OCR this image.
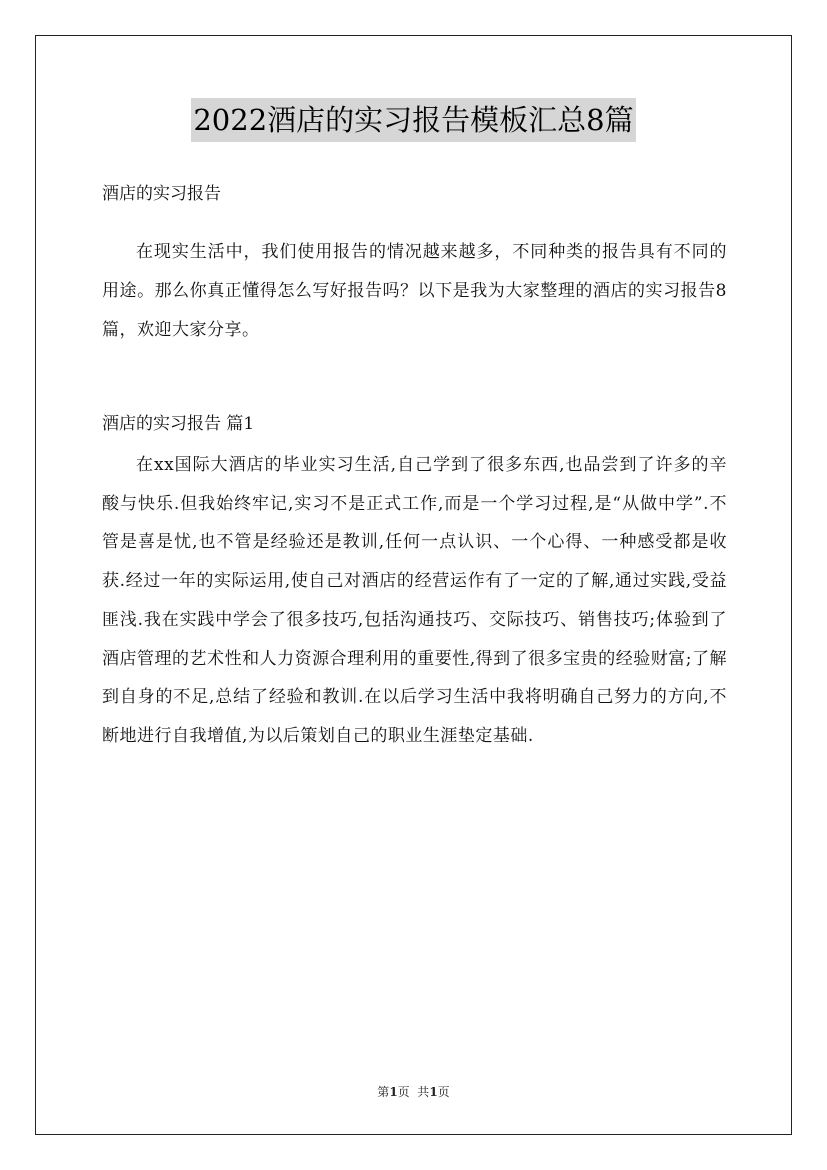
2022酒店的实习报告模板汇总8篇

酒店的实习报告

在现实生活中，我们使用报告的情况越来越多，不同种类的报告具有不同的用途。那么你真正懂得怎么写好报告吗？以下是我为大家整理的酒店的实习报告8篇，欢迎大家分享。

酒店的实习报告 篇1

在xx国际大酒店的毕业实习生活,自己学到了很多东西,也品尝到了许多的辛酸与快乐.但我始终牢记,实习不是正式工作,而是一个学习过程,是“从做中学”.不管是喜是忧,也不管是经验还是教训,任何一点认识、一个心得、一种感受都是收获.经过一年的实际运用,使自己对酒店的经营运作有了一定的了解,通过实践,受益匪浅.我在实践中学会了很多技巧,包括沟通技巧、交际技巧、销售技巧;体验到了酒店管理的艺术性和人力资源合理利用的重要性,得到了很多宝贵的经验财富;了解到自身的不足,总结了经验和教训.在以后学习生活中我将明确自己努力的方向,不断地进行自我增值,为以后策划自己的职业生涯垫定基础.

第1页  共1页
